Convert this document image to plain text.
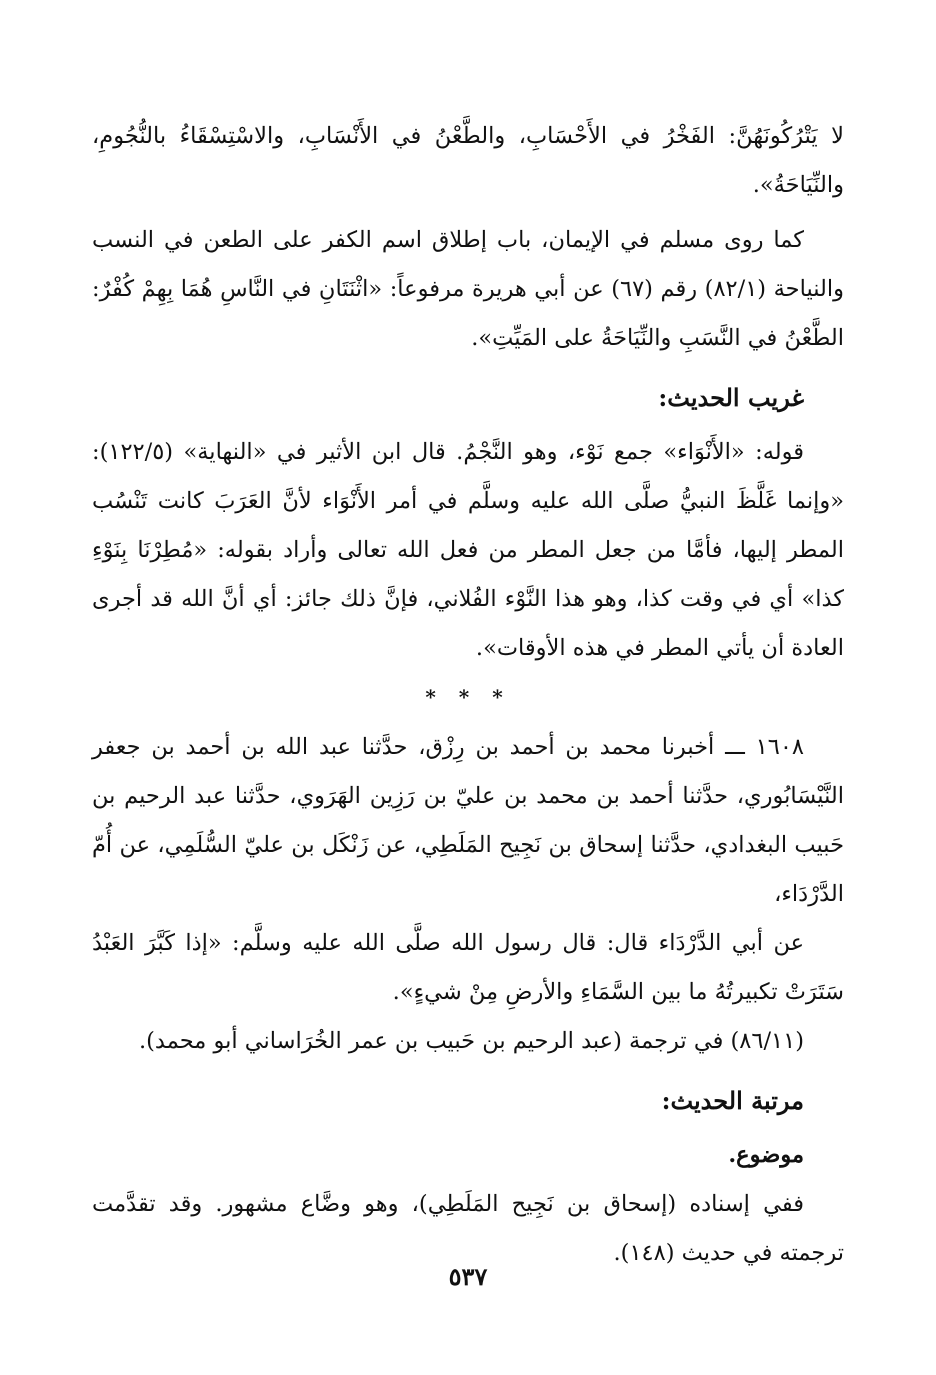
لا يَتْرُكُونَهُنَّ: الفَخْرُ في الأَحْسَابِ، والطَّعْنُ في الأَنْسَابِ، والاسْتِسْقَاءُ بالنُّجُومِ، والنِّيَاحَةُ».

كما روى مسلم في الإيمان، باب إطلاق اسم الكفر على الطعن في النسب والنياحة (٨٢/١) رقم (٦٧) عن أبي هريرة مرفوعاً: «اثْنَتَانِ في النَّاسِ هُمَا بِهِمْ كُفْرٌ: الطَّعْنُ في النَّسَبِ والنِّيَاحَةُ على المَيِّتِ».

غريب الحديث:

قوله: «الأَنْوَاء» جمع نَوْء، وهو النَّجْمُ. قال ابن الأثير في «النهاية» (١٢٢/٥): «وإنما غَلَّظَ النبيُّ صلَّى الله عليه وسلَّم في أمر الأَنْوَاء لأنَّ العَرَبَ كانت تَنْسُب المطر إليها، فأمَّا من جعل المطر من فعل الله تعالى وأراد بقوله: «مُطِرْنَا بِنَوْءِ كذا» أي في وقت كذا، وهو هذا النَّوْء الفُلاني، فإنَّ ذلك جائز: أي أنَّ الله قد أجرى العادة أن يأتي المطر في هذه الأوقات».

* * *

١٦٠٨ ـــ أخبرنا محمد بن أحمد بن رِزْق، حدَّثنا عبد الله بن أحمد بن جعفر النَّيْسَابُوري، حدَّثنا أحمد بن محمد بن عليّ بن رَزِين الهَرَوي، حدَّثنا عبد الرحيم بن حَبيب البغدادي، حدَّثنا إسحاق بن نَجِيح المَلَطِي، عن زَنْكَل بن عليّ السُّلَمِي، عن أُمّ الدَّرْدَاء،

عن أبي الدَّرْدَاء قال: قال رسول الله صلَّى الله عليه وسلَّم: «إذا كَبَّرَ العَبْدُ سَتَرَتْ تكبيرتُهُ ما بين السَّمَاءِ والأرضِ مِنْ شيءٍ».

(٨٦/١١) في ترجمة (عبد الرحيم بن حَبيب بن عمر الخُرَاساني أبو محمد).

مرتبة الحديث:

موضوع.

ففي إسناده (إسحاق بن نَجِيح المَلَطِي)، وهو وضَّاع مشهور. وقد تقدَّمت ترجمته في حديث (١٤٨).

٥٣٧
